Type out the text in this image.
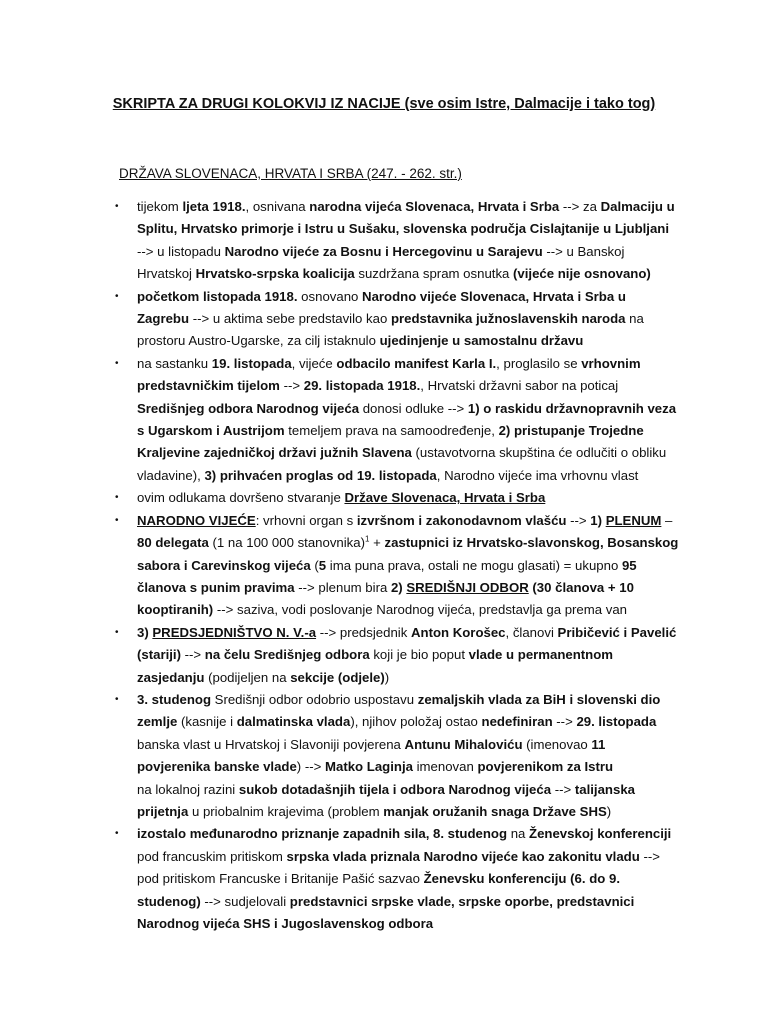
SKRIPTA ZA DRUGI KOLOKVIJ IZ NACIJE (sve osim Istre, Dalmacije i tako tog)
DRŽAVA SLOVENACA, HRVATA I SRBA (247. - 262. str.)
• tijekom ljeta 1918., osnivana narodna vijeća Slovenaca, Hrvata i Srba --> za Dalmaciju u
Splitu, Hrvatsko primorje i Istru u Sušaku, slovenska područja Cislajtanije u Ljubljani
--> u listopadu Narodno vijeće za Bosnu i Hercegovinu u Sarajevu --> u Banskoj
Hrvatskoj Hrvatsko-srpska koalicija suzdržana spram osnutka (vijeće nije osnovano)
• početkom listopada 1918. osnovano Narodno vijeće Slovenaca, Hrvata i Srba u
Zagrebu --> u aktima sebe predstavilo kao predstavnika južnoslavenskih naroda na
prostoru Austro-Ugarske, za cilj istaknulo ujedinjenje u samostalnu državu
• na sastanku 19. listopada, vijeće odbacilo manifest Karla I., proglasilo se vrhovnim
predstavničkim tijelom --> 29. listopada 1918., Hrvatski državni sabor na poticaj
Središnjeg odbora Narodnog vijeća donosi odluke --> 1) o raskidu državnopravnih veza
s Ugarskom i Austrijom temeljem prava na samoodređenje, 2) pristupanje Trojedne
Kraljevine zajedničkoj državi južnih Slavena (ustavotvorna skupština će odlučiti o obliku
vladavine), 3) prihvaćen proglas od 19. listopada, Narodno vijeće ima vrhovnu vlast
• ovim odlukama dovršeno stvaranje Države Slovenaca, Hrvata i Srba
• NARODNO VIJEĆE: vrhovni organ s izvršnom i zakonodavnom vlašću --> 1) PLENUM –
80 delegata (1 na 100 000 stanovnika)$^1$ + zastupnici iz Hrvatsko-slavonskog, Bosanskog
sabora i Carevinskog vijeća (5 ima puna prava, ostali ne mogu glasati) = ukupno 95
članova s punim pravima --> plenum bira 2) SREDIŠNJI ODBOR (30 članova + 10
kooptiranih) --> saziva, vodi poslovanje Narodnog vijeća, predstavlja ga prema van
• 3) PREDSJEDNIŠTVO N. V.-a --> predsjednik Anton Korošec, članovi Pribičević i Pavelić
(stariji) --> na čelu Središnjeg odbora koji je bio poput vlade u permanentnom
zasjedanju (podijeljen na sekcije (odjele))
• 3. studenog Središnji odbor odobrio uspostavu zemaljskih vlada za BiH i slovenski dio
zemlje (kasnije i dalmatinska vlada), njihov položaj ostao nedefiniran --> 29. listopada
banska vlast u Hrvatskoj i Slavoniji povjerena Antunu Mihaloviću (imenovao 11
povjerenika banske vlade) --> Matko Laginja imenovan povjerenikom za Istru
na lokalnoj razini sukob dotadašnjih tijela i odbora Narodnog vijeća --> talijanska
prijetnja u priobalnim krajevima (problem manjak oružanih snaga Države SHS)
• izostalo međunarodno priznanje zapadnih sila, 8. studenog na Ženevskoj konferenciji
pod francuskim pritiskom srpska vlada priznala Narodno vijeće kao zakonitu vladu -->
pod pritiskom Francuske i Britanije Pašić sazvao Ženevsku konferenciju (6. do 9.
studenog) --> sudjelovali predstavnici srpske vlade, srpske oporbe, predstavnici
Narodnog vijeća SHS i Jugoslavenskog odbora
